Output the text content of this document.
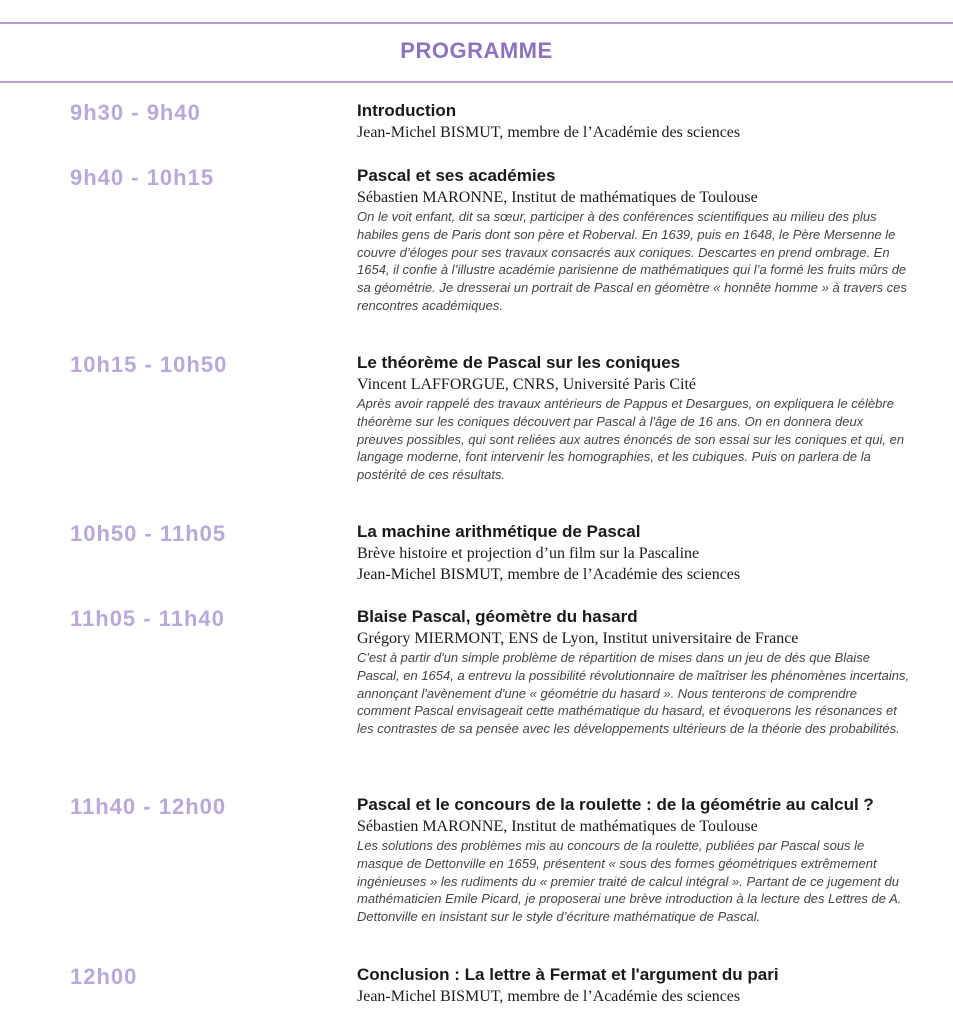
PROGRAMME
9h30 - 9h40	Introduction
Jean-Michel BISMUT, membre de l’Académie des sciences
9h40 - 10h15	Pascal et ses académies
Sébastien MARONNE, Institut de mathématiques de Toulouse
On le voit enfant, dit sa sœur, participer à des conférences scientifiques au milieu des plus habiles gens de Paris dont son père et Roberval. En 1639, puis en 1648, le Père Mersenne le couvre d’éloges pour ses travaux consacrés aux coniques. Descartes en prend ombrage. En 1654, il confie à l’illustre académie parisienne de mathématiques qui l’a formé les fruits mûrs de sa géométrie. Je dresserai un portrait de Pascal en géomètre « honnête homme » à travers ces rencontres académiques.
10h15 - 10h50	Le théorème de Pascal sur les coniques
Vincent LAFFORGUE, CNRS, Université Paris Cité
Après avoir rappelé des travaux antérieurs de Pappus et Desargues, on expliquera le célèbre théorème sur les coniques découvert par Pascal à l'âge de 16 ans. On en donnera deux preuves possibles, qui sont reliées aux autres énoncés de son essai sur les coniques et qui, en langage moderne, font intervenir les homographies, et les cubiques. Puis on parlera de la postérité de ces résultats.
10h50 - 11h05	La machine arithmétique de Pascal
Brève histoire et projection d’un film sur la Pascaline
Jean-Michel BISMUT, membre de l’Académie des sciences
11h05 - 11h40	Blaise Pascal, géomètre du hasard
Grégory MIERMONT, ENS de Lyon, Institut universitaire de France
C'est à partir d'un simple problème de répartition de mises dans un jeu de dés que Blaise Pascal, en 1654, a entrevu la possibilité révolutionnaire de maîtriser les phénomènes incertains, annonçant l'avènement d'une « géométrie du hasard ». Nous tenterons de comprendre comment Pascal envisageait cette mathématique du hasard, et évoquerons les résonances et les contrastes de sa pensée avec les développements ultérieurs de la théorie des probabilités.
11h40 - 12h00	Pascal et le concours de la roulette : de la géométrie au calcul ?
Sébastien MARONNE, Institut de mathématiques de Toulouse
Les solutions des problèmes mis au concours de la roulette, publiées par Pascal sous le masque de Dettonville en 1659, présentent « sous des formes géométriques extrêmement ingénieuses » les rudiments du « premier traité de calcul intégral ». Partant de ce jugement du mathématicien Emile Picard, je proposerai une brève introduction à la lecture des Lettres de A. Dettonville en insistant sur le style d’écriture mathématique de Pascal.
12h00	Conclusion : La lettre à Fermat et l'argument du pari
Jean-Michel BISMUT, membre de l’Académie des sciences
